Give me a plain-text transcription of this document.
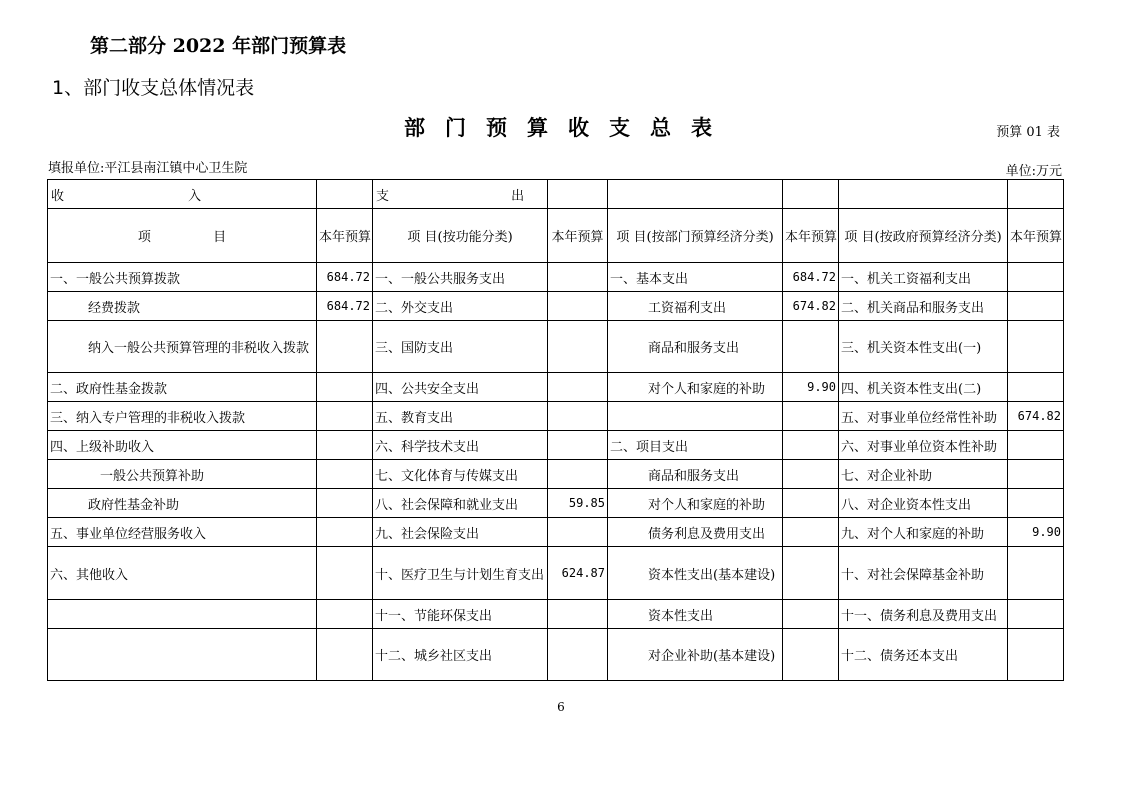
第二部分 2022 年部门预算表
1、部门收支总体情况表
部门预算收支总表	预算 01 表
填报单位:平江县南江镇中心卫生院	单位:万元
收 入		支 出					
项 目	本年预算	项 目(按功能分类)	本年预算	项 目(按部门预算经济分类)	本年预算	项 目(按政府预算经济分类)	本年预算
一、一般公共预算拨款	684.72	一、一般公共服务支出		一、基本支出	684.72	一、机关工资福利支出	
经费拨款	684.72	二、外交支出		工资福利支出	674.82	二、机关商品和服务支出	
纳入一般公共预算管理的非税收入拨款		三、国防支出		商品和服务支出		三、机关资本性支出(一)	
二、政府性基金拨款		四、公共安全支出		对个人和家庭的补助	9.90	四、机关资本性支出(二)	
三、纳入专户管理的非税收入拨款		五、教育支出				五、对事业单位经常性补助	674.82
四、上级补助收入		六、科学技术支出		二、项目支出		六、对事业单位资本性补助	
一般公共预算补助		七、文化体育与传媒支出		商品和服务支出		七、对企业补助	
政府性基金补助		八、社会保障和就业支出	59.85	对个人和家庭的补助		八、对企业资本性支出	
五、事业单位经营服务收入		九、社会保险支出		债务利息及费用支出		九、对个人和家庭的补助	9.90
六、其他收入		十、医疗卫生与计划生育支出	624.87	资本性支出(基本建设)		十、对社会保障基金补助	
		十一、节能环保支出		资本性支出		十一、债务利息及费用支出	
		十二、城乡社区支出		对企业补助(基本建设)		十二、债务还本支出	
6
